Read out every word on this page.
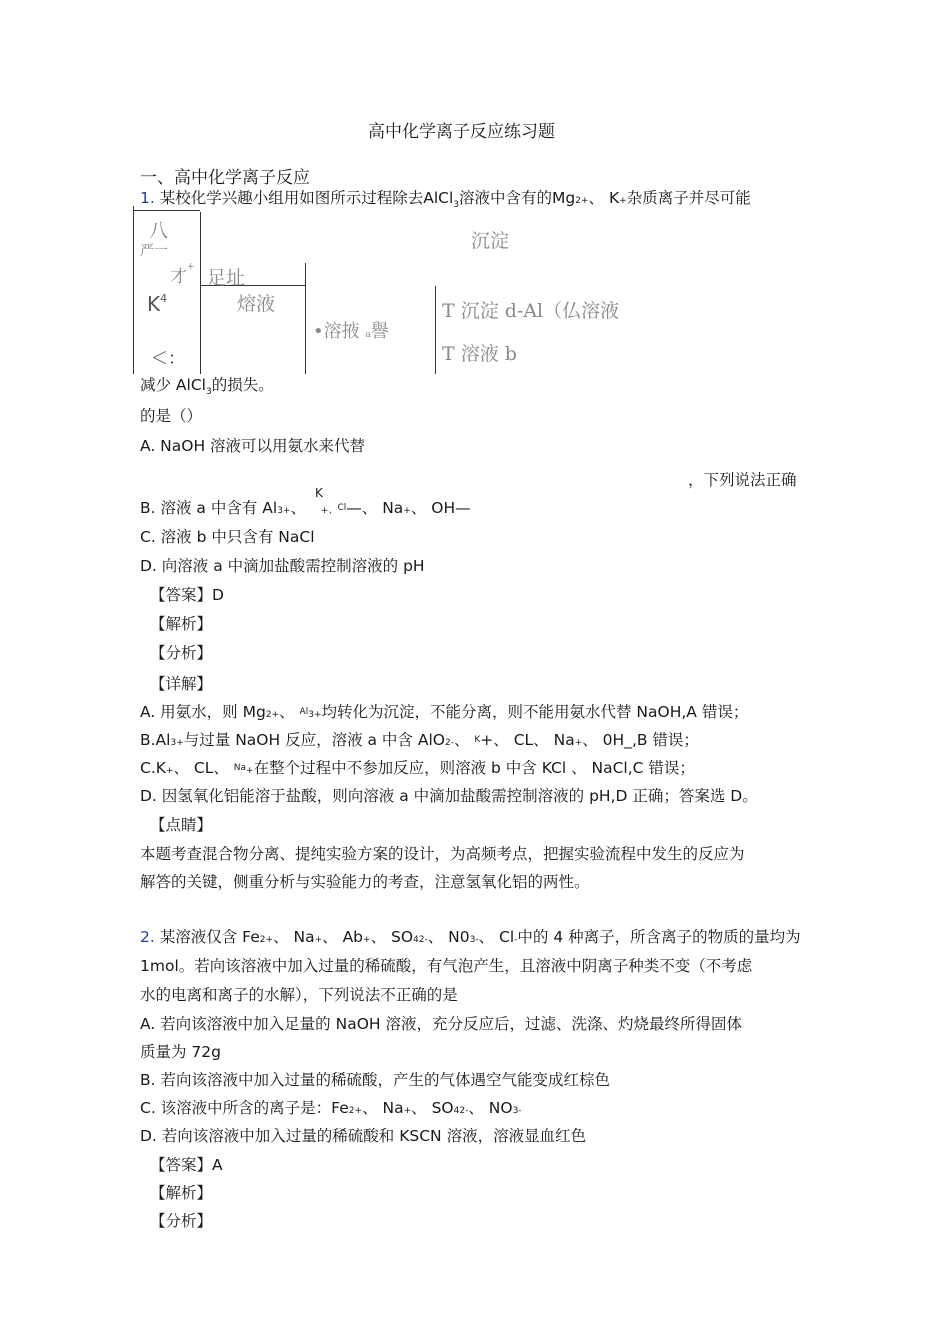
高中化学离子反应练习题
一、高中化学离子反应
1. 某校化学兴趣小组用如图所示过程除去AlCl$_3$溶液中含有的Mg2+、 K+杂质离子并尽可能
八
严一
才+
$K^4$
＜：
沉淀
足址
熔液
•溶掖 a譽
T 沉淀 d-Al（仏溶液
T 溶液 b
减少 AlCl$_3$的损失。
的是（）
A. NaOH 溶液可以用氨水来代替
，下列说法正确
K
B. 溶液 a 中含有 Al3+、 +、$^{Cl}$—、 Na+、 OH—
C. 溶液 b 中只含有 NaCl
D. 向溶液 a 中滴加盐酸需控制溶液的 pH
【答案】D
【解析】
【分析】
【详解】
A. 用氨水，则 Mg2+、 $^{Al}$3+均转化为沉淀，不能分离，则不能用氨水代替 NaOH,A 错误；
B.Al3+与过量 NaOH 反应，溶液 a 中含 AlO2-、 $^K$+、 CL、 Na+、 0H_,B 错误；
C.K+、 CL、 $^{Na}$+在整个过程中不参加反应，则溶液 b 中含 KCl 、 NaCl,C 错误；
D. 因氢氧化铝能溶于盐酸，则向溶液 a 中滴加盐酸需控制溶液的 pH,D 正确；答案选 D。
【点睛】
本题考查混合物分离、提纯实验方案的设计，为高频考点，把握实验流程中发生的反应为
解答的关键，侧重分析与实验能力的考查，注意氢氧化铝的两性。
2. 某溶液仅含 Fe2+、 Na+、 Ab+、 SO42-、 N03-、 Cl-中的 4 种离子，所含离子的物质的量均为
1mol。若向该溶液中加入过量的稀硫酸，有气泡产生，且溶液中阴离子种类不变（不考虑
水的电离和离子的水解），下列说法不正确的是
A. 若向该溶液中加入足量的 NaOH 溶液，充分反应后，过滤、洗涤、灼烧最终所得固体
质量为 72g
B. 若向该溶液中加入过量的稀硫酸，产生的气体遇空气能变成红棕色
C. 该溶液中所含的离子是：Fe2+、 Na+、 SO42-、 NO3-
D. 若向该溶液中加入过量的稀硫酸和 KSCN 溶液，溶液显血红色
【答案】A
【解析】
【分析】
